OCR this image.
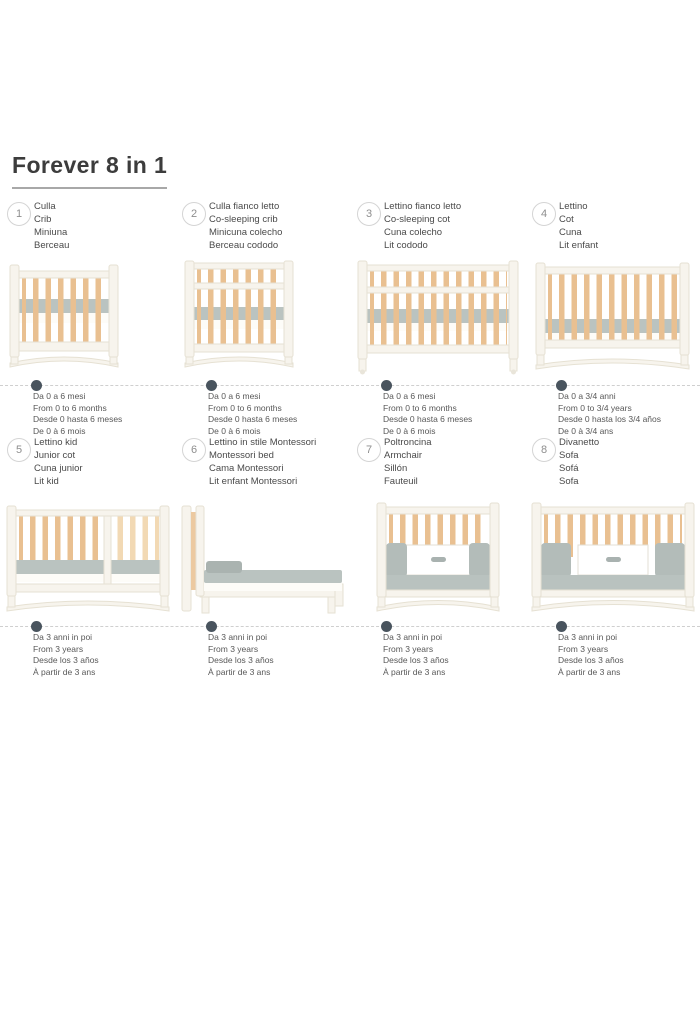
Forever 8 in 1
1
Culla
Crib
Miniuna
Berceau
2
Culla fianco letto
Co-sleeping crib
Minicuna colecho
Berceau cododo
3
Lettino fianco letto
Co-sleeping cot
Cuna colecho
Lit cododo
4
Lettino
Cot
Cuna
Lit enfant
Da 0 a 6 mesi
From 0 to 6 months
Desde 0 hasta 6 meses
De 0 à 6 mois
Da 0 a 6 mesi
From 0 to 6 months
Desde 0 hasta 6 meses
De 0 à 6 mois
Da 0 a 6 mesi
From 0 to 6 months
Desde 0 hasta 6 meses
De 0 à 6 mois
Da 0 a 3/4 anni
From 0 to 3/4 years
Desde 0 hasta los 3/4 años
De 0 à 3/4 ans
5
Lettino kid
Junior cot
Cuna junior
Lit kid
6
Lettino in stile Montessori
Montessori bed
Cama Montessori
Lit enfant Montessori
7
Poltroncina
Armchair
Sillón
Fauteuil
8
Divanetto
Sofa
Sofá
Sofa
Da 3 anni in poi
From 3 years
Desde los 3 años
À partir de 3 ans
Da 3 anni in poi
From 3 years
Desde los 3 años
À partir de 3 ans
Da 3 anni in poi
From 3 years
Desde los 3 años
À partir de 3 ans
Da 3 anni in poi
From 3 years
Desde los 3 años
À partir de 3 ans
